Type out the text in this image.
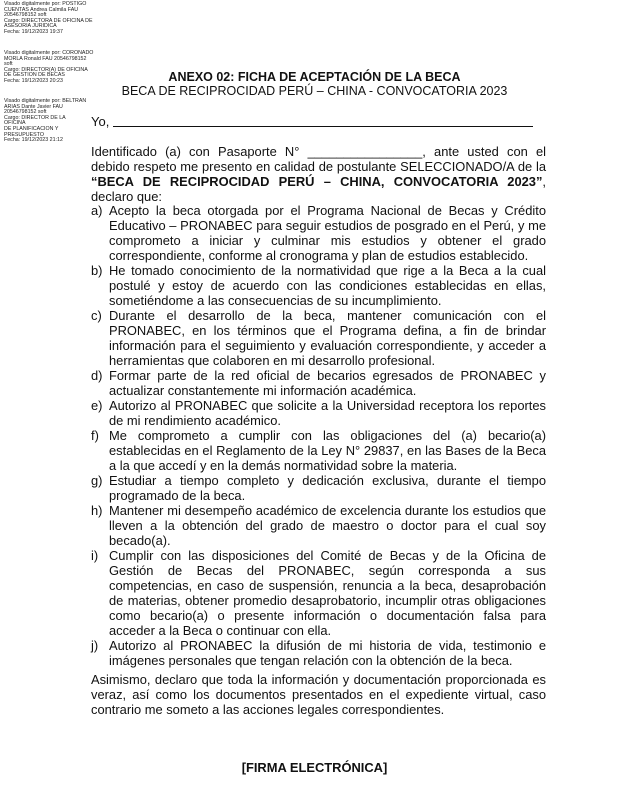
Visado digitalmente por: POSTIGO
CUENTAS Andrea Calmila FAU
20546798152 soft
Cargo: DIRECTORA DE OFICINA DE
ASESORIA JURIDICA
Fecha: 19/12/2023 19:37
Visado digitalmente por: CORONADO
MORLA Ronald FAU 20546798152
soft
Cargo: DIRECTOR(A) DE OFICINA
DE GESTION DE BECAS
Fecha: 19/12/2023 20:23
Visado digitalmente por: BELTRAN
ARIAS Dante Javier FAU
20546798152 soft
Cargo: DIRECTOR DE LA OFICINA
DE PLANIFICACION Y
PRESUPUESTO
Fecha: 19/12/2023 21:12
ANEXO 02: FICHA DE ACEPTACIÓN DE LA BECA
BECA DE RECIPROCIDAD PERÚ – CHINA - CONVOCATORIA 2023
Yo,
Identificado (a) con Pasaporte N° ________________, ante usted con el debido respeto me presento en calidad de postulante SELECCIONADO/A de la “BECA DE RECIPROCIDAD PERÚ – CHINA, CONVOCATORIA 2023”, declaro que:
a) Acepto la beca otorgada por el Programa Nacional de Becas y Crédito Educativo – PRONABEC para seguir estudios de posgrado en el Perú, y me comprometo a iniciar y culminar mis estudios y obtener el grado correspondiente, conforme al cronograma y plan de estudios establecido.
b) He tomado conocimiento de la normatividad que rige a la Beca a la cual postulé y estoy de acuerdo con las condiciones establecidas en ellas, sometiéndome a las consecuencias de su incumplimiento.
c) Durante el desarrollo de la beca, mantener comunicación con el PRONABEC, en los términos que el Programa defina, a fin de brindar información para el seguimiento y evaluación correspondiente, y acceder a herramientas que colaboren en mi desarrollo profesional.
d) Formar parte de la red oficial de becarios egresados de PRONABEC y actualizar constantemente mi información académica.
e) Autorizo al PRONABEC que solicite a la Universidad receptora los reportes de mi rendimiento académico.
f) Me comprometo a cumplir con las obligaciones del (a) becario(a) establecidas en el Reglamento de la Ley N° 29837, en las Bases de la Beca a la que accedí y en la demás normatividad sobre la materia.
g) Estudiar a tiempo completo y dedicación exclusiva, durante el tiempo programado de la beca.
h) Mantener mi desempeño académico de excelencia durante los estudios que lleven a la obtención del grado de maestro o doctor para el cual soy becado(a).
i) Cumplir con las disposiciones del Comité de Becas y de la Oficina de Gestión de Becas del PRONABEC, según corresponda a sus competencias, en caso de suspensión, renuncia a la beca, desaprobación de materias, obtener promedio desaprobatorio, incumplir otras obligaciones como becario(a) o presente información o documentación falsa para acceder a la Beca o continuar con ella.
j) Autorizo al PRONABEC la difusión de mi historia de vida, testimonio e imágenes personales que tengan relación con la obtención de la beca.
Asimismo, declaro que toda la información y documentación proporcionada es veraz, así como los documentos presentados en el expediente virtual, caso contrario me someto a las acciones legales correspondientes.
[FIRMA ELECTRÓNICA]
